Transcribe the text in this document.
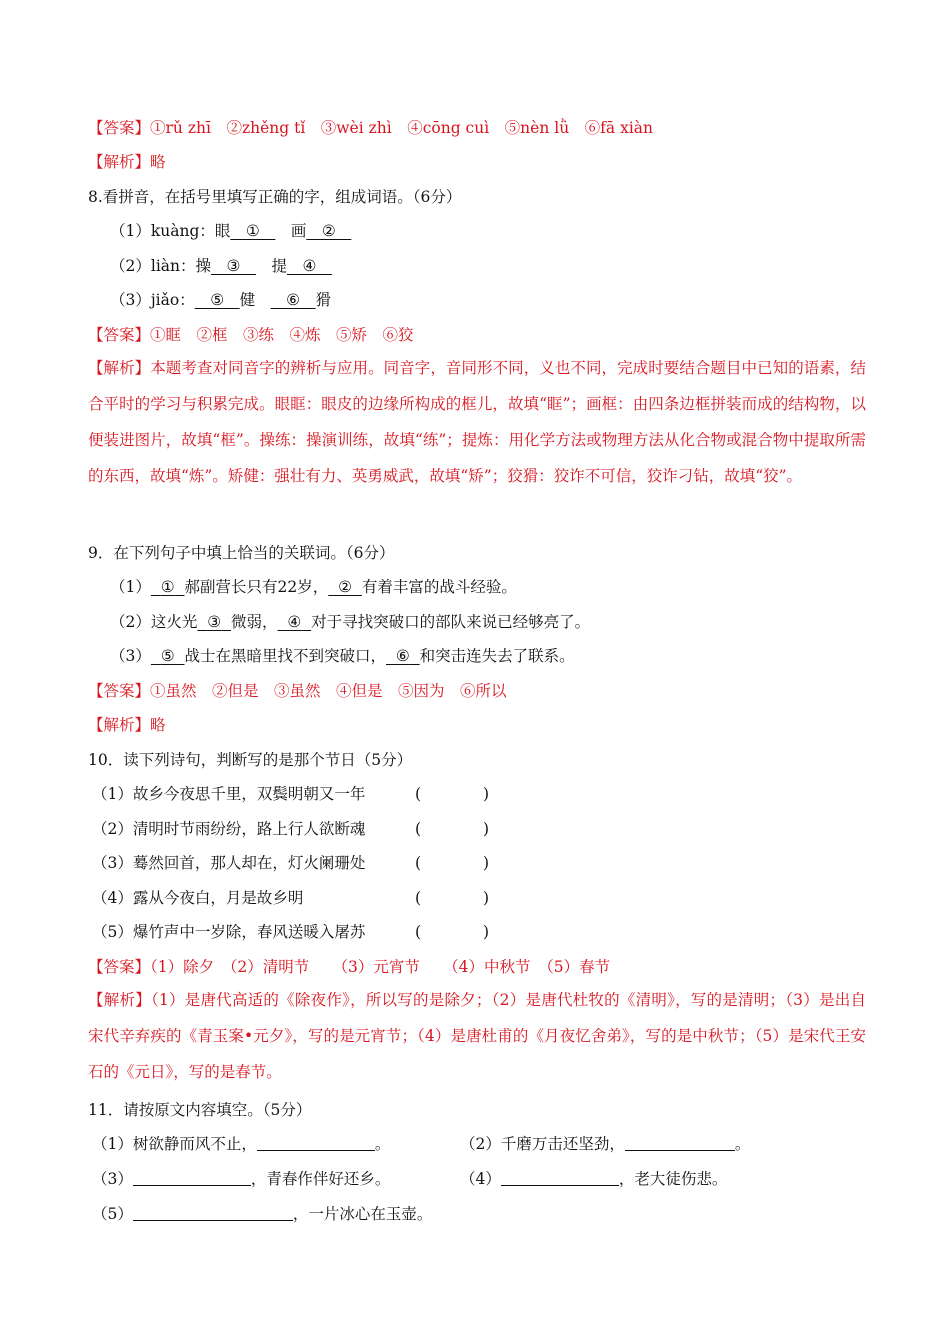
【答案】①rǔ zhī　②zhěng tǐ　③wèi zhì　④cōng cuì　⑤nèn lǜ　⑥fā xiàn
【解析】略
8.看拼音，在括号里填写正确的字，组成词语。（6分）
（1）kuàng：眼__①__　 画__②__
（2）liàn：操__③__　 提__④__
（3）jiǎo：__⑤__健　 __⑥__猾
【答案】①眶　②框　③练　④炼　⑤矫　⑥狡
【解析】本题考查对同音字的辨析与应用。同音字，音同形不同，义也不同，完成时要结合题目中已知的语素，结合平时的学习与积累完成。眼眶：眼皮的边缘所构成的框儿，故填“眶”；画框：由四条边框拼装而成的结构物，以便装进图片，故填“框”。操练：操演训练，故填“练”；提炼：用化学方法或物理方法从化合物或混合物中提取所需的东西，故填“炼”。矫健：强壮有力、英勇威武，故填“矫”；狡猾：狡诈不可信，狡诈刁钻，故填“狡”。
9．在下列句子中填上恰当的关联词。（6分）
（1） ① 郝副营长只有22岁， ② 有着丰富的战斗经验。
（2）这火光 ③ 微弱， ④ 对于寻找突破口的部队来说已经够亮了。
（3） ⑤ 战士在黑暗里找不到突破口， ⑥ 和突击连失去了联系。
【答案】①虽然　②但是　③虽然　④但是　⑤因为　⑥所以
【解析】略
10．读下列诗句，判断写的是那个节日（5分）
（1）故乡今夜思千里，双鬓明朝又一年	(　　　　)
（2）清明时节雨纷纷，路上行人欲断魂	(　　　　)
（3）蓦然回首，那人却在，灯火阑珊处	(　　　　)
（4）露从今夜白，月是故乡明	(　　　　)
（5）爆竹声中一岁除，春风送暖入屠苏	(　　　　)
【答案】（1）除夕　（2）清明节　　（3）元宵节　　（4）中秋节　（5）春节
【解析】（1）是唐代高适的《除夜作》，所以写的是除夕；（2）是唐代杜牧的《清明》，写的是清明；（3）是出自宋代辛弃疾的《青玉案•元夕》，写的是元宵节；（4）是唐杜甫的《月夜忆舍弟》，写的是中秋节；（5）是宋代王安石的《元日》，写的是春节。
11．请按原文内容填空。（5分）
（1）树欲静而风不止，	。	（2）千磨万击还坚劲，	。
（3）	，青春作伴好还乡。	（4）	，老大徒伤悲。
（5）	，一片冰心在玉壶。
